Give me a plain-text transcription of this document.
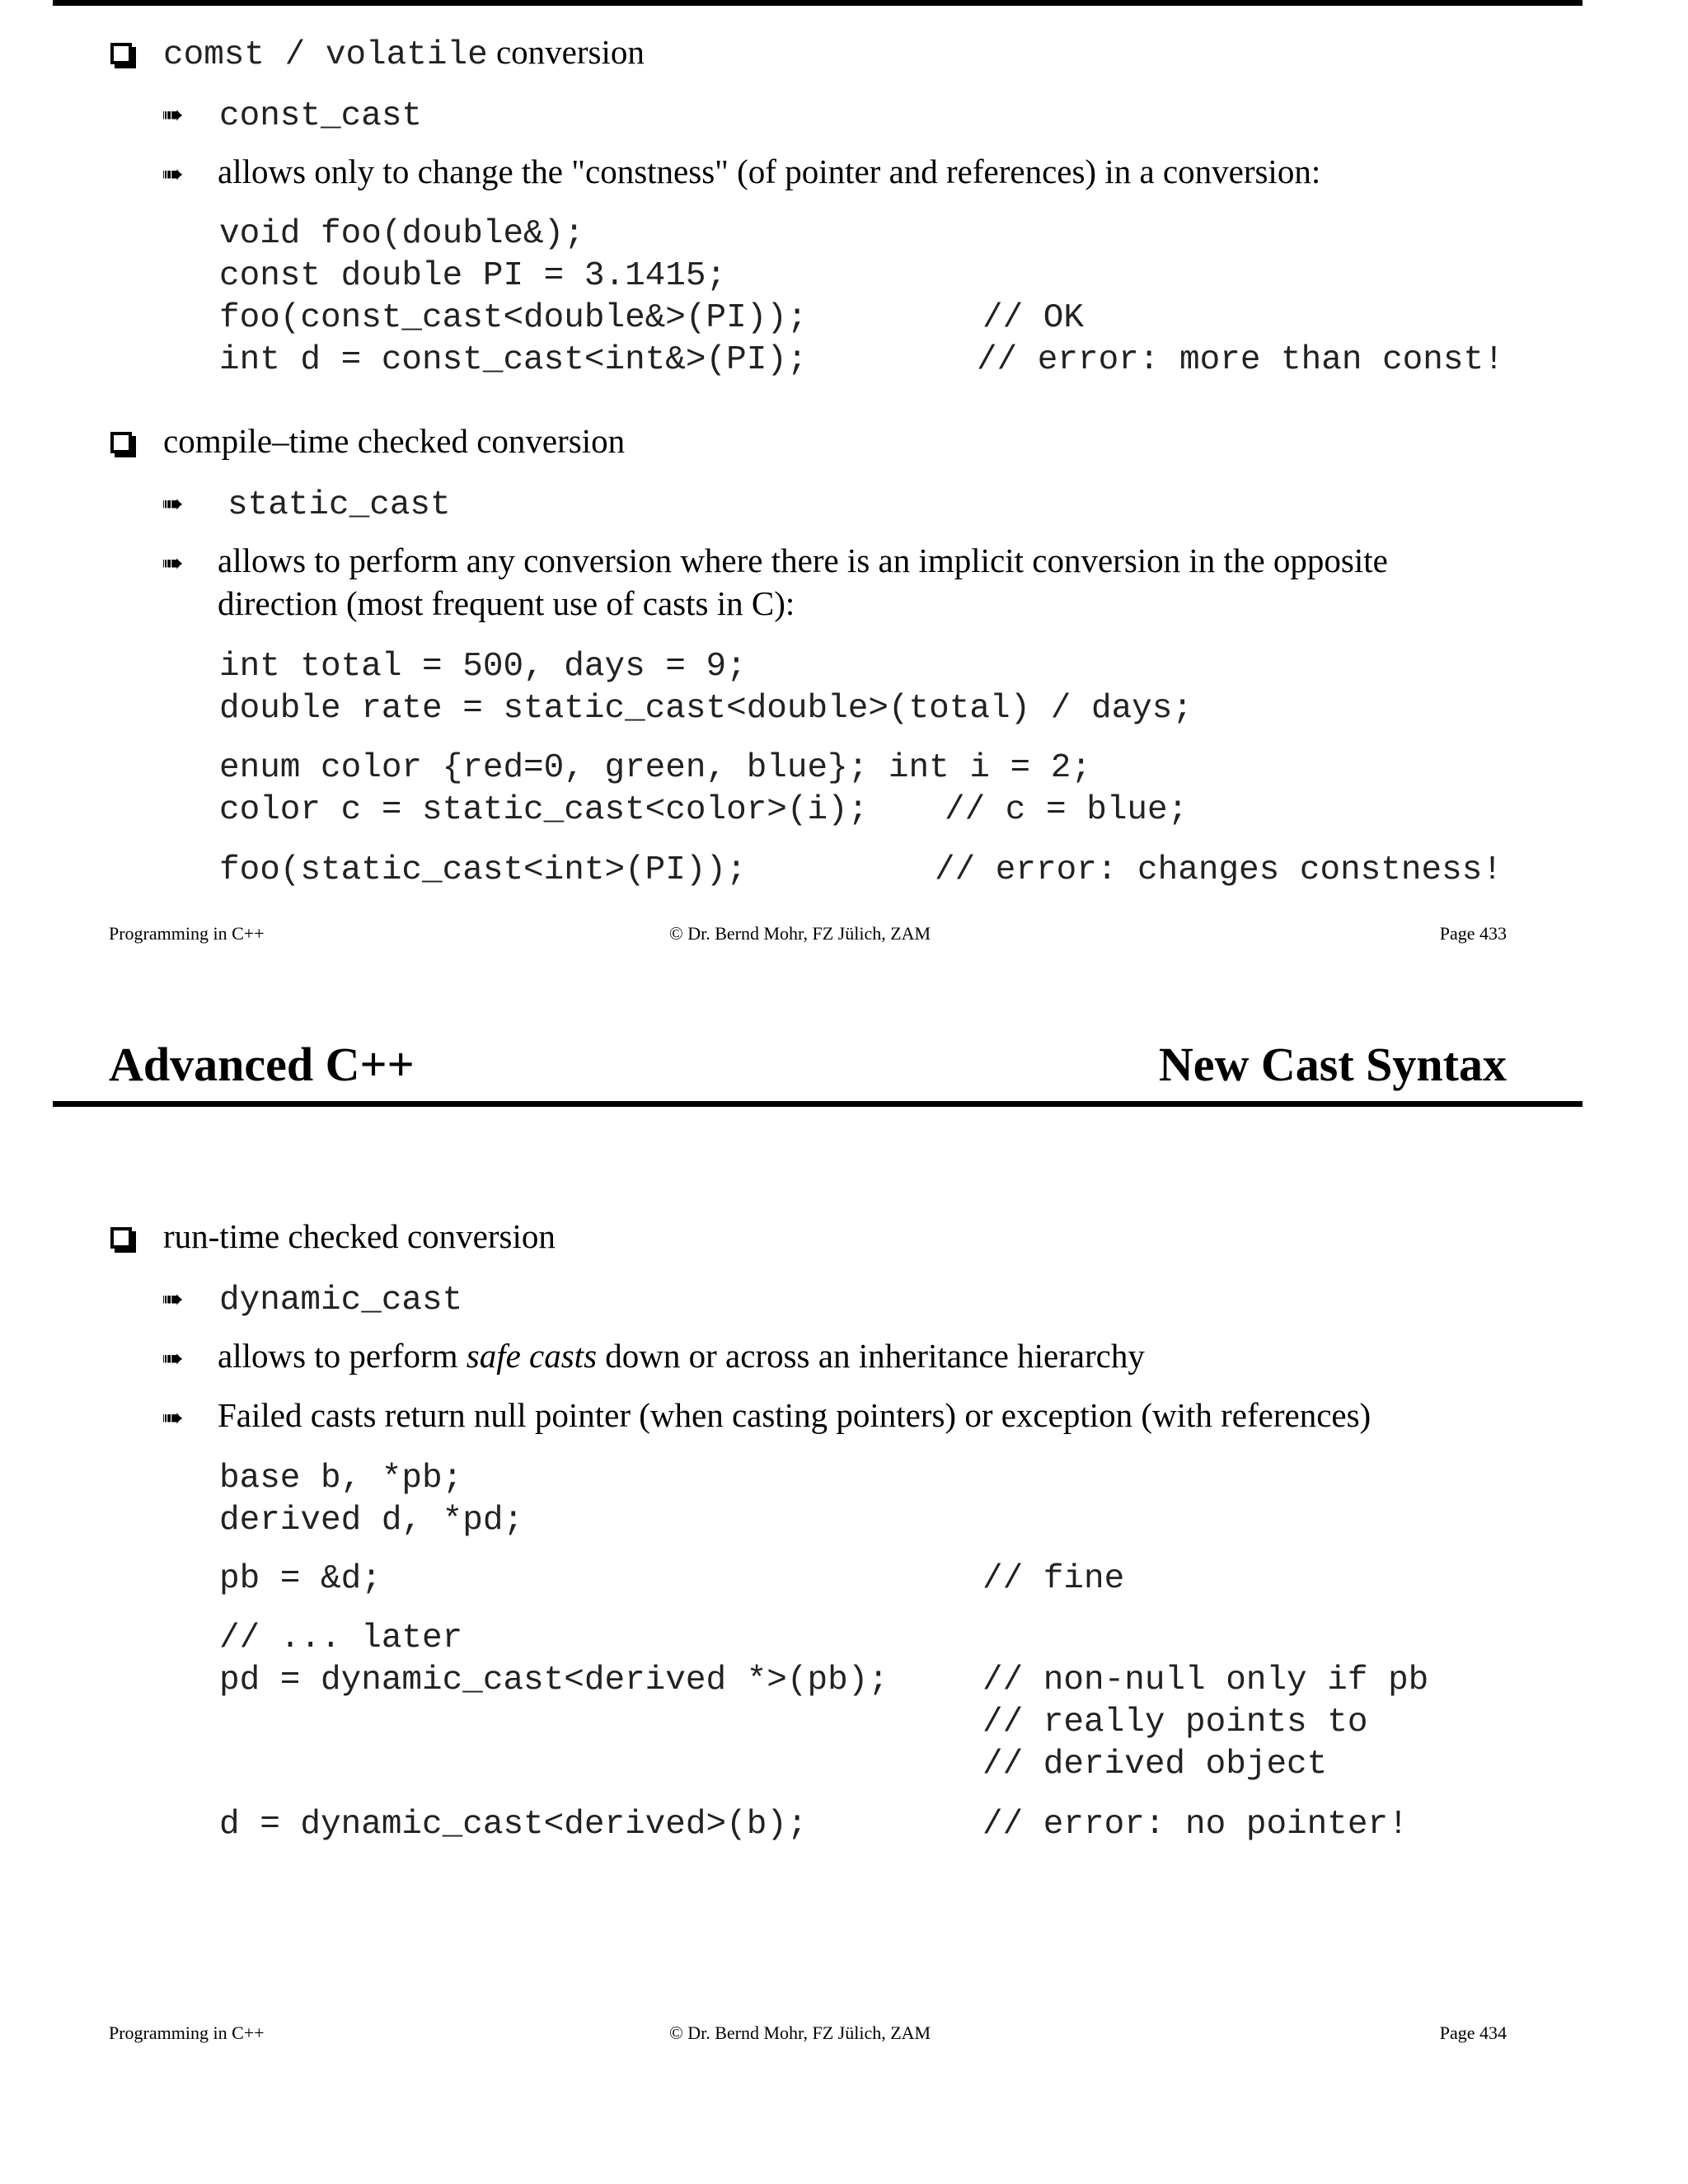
comst / volatile conversion
➠ const_cast
➠ allows only to change the "constness" (of pointer and references) in a conversion:
void foo(double&);
const double PI = 3.1415;
foo(const_cast<double&>(PI));	// OK
int d = const_cast<int&>(PI);	// error: more than const!
compile–time checked conversion
➠ static_cast
➠ allows to perform any conversion where there is an implicit conversion in the opposite
direction (most frequent use of casts in C):
int total = 500, days = 9;
double rate = static_cast<double>(total) / days;
enum color {red=0, green, blue}; int i = 2;
color c = static_cast<color>(i); // c = blue;
foo(static_cast<int>(PI));	// error: changes constness!
Programming in C++	© Dr. Bernd Mohr, FZ Jülich, ZAM	Page 433
Advanced C++	New Cast Syntax
run-time checked conversion
➠ dynamic_cast
➠ allows to perform safe casts down or across an inheritance hierarchy
➠ Failed casts return null pointer (when casting pointers) or exception (with references)
base b, *pb;
derived d, *pd;
pb = &d;	// fine
// ... later
pd = dynamic_cast<derived *>(pb);	// non-null only if pb
// really points to
// derived object
d = dynamic_cast<derived>(b);	// error: no pointer!
Programming in C++	© Dr. Bernd Mohr, FZ Jülich, ZAM	Page 434
